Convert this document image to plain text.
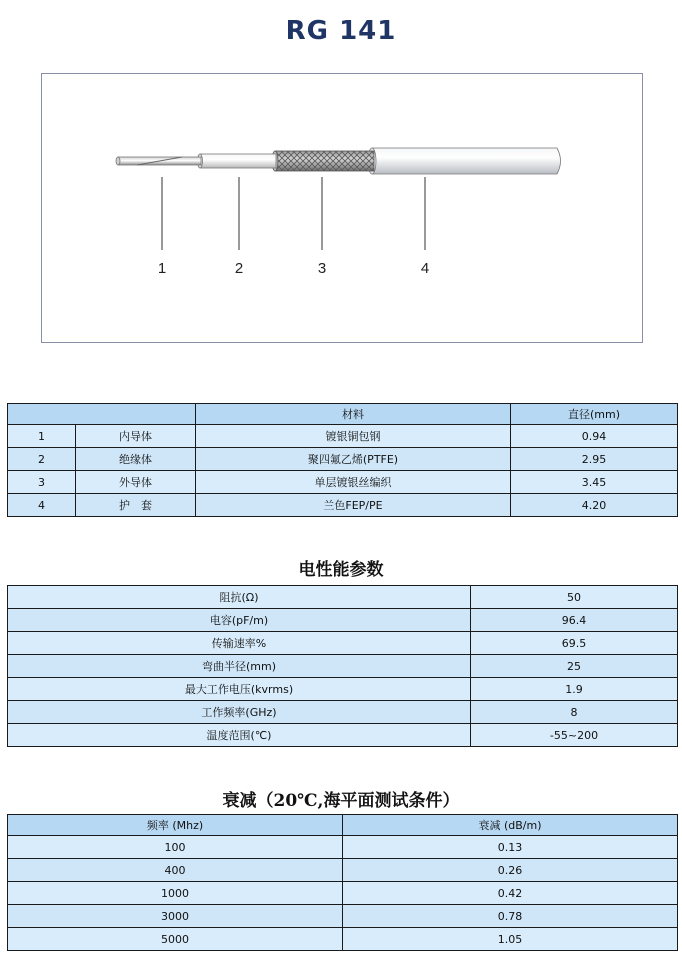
RG 141
1	2	3	4
		材料	直径(mm)
1	内导体	镀银铜包钢	0.94
2	绝缘体	聚四氟乙烯(PTFE)	2.95
3	外导体	单层镀银丝编织	3.45
4	护　套	兰色FEP/PE	4.20
电性能参数
阻抗(Ω)	50
电容(pF/m)	96.4
传输速率%	69.5
弯曲半径(mm)	25
最大工作电压(kvrms)	1.9
工作频率(GHz)	8
温度范围(℃)	-55~200
衰减（20℃,海平面测试条件）
频率 (Mhz)	衰减 (dB/m)
100	0.13
400	0.26
1000	0.42
3000	0.78
5000	1.05
